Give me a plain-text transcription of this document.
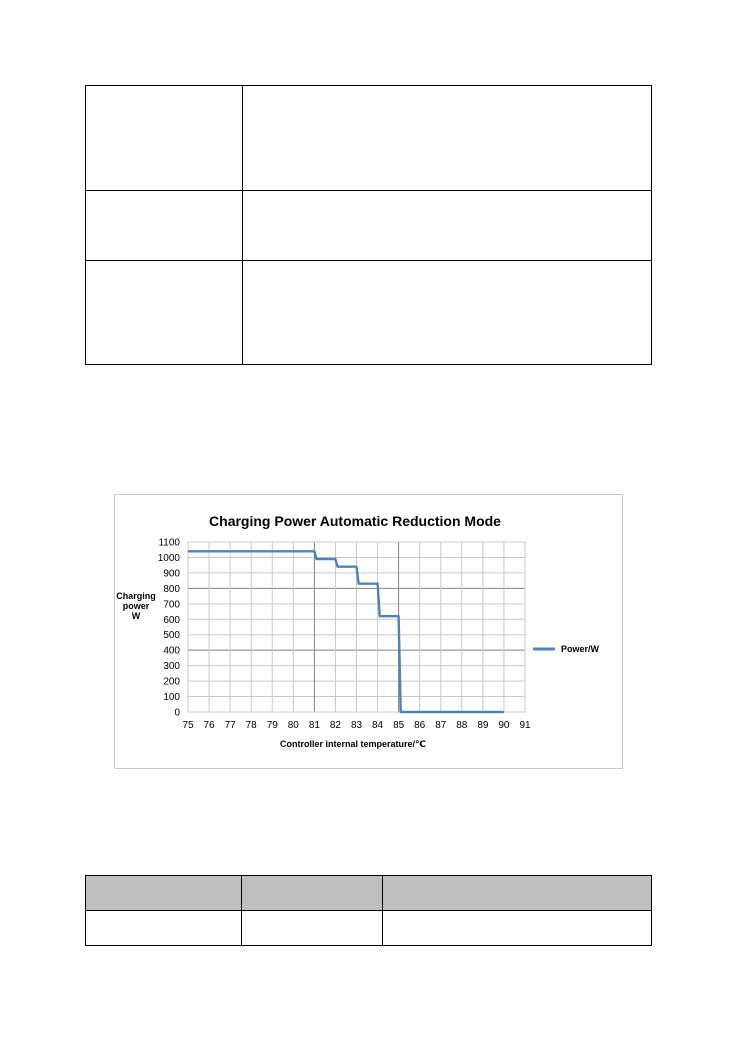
Charging Power Automatic Reduction Mode
Charging
power
W
0
100
200
300
400
500
600
700
800
900
1000
1100
75 76 77 78 79 80 81 82 83 84 85 86 87 88 89 90 91
Controller internal temperature/℃
Power/W
